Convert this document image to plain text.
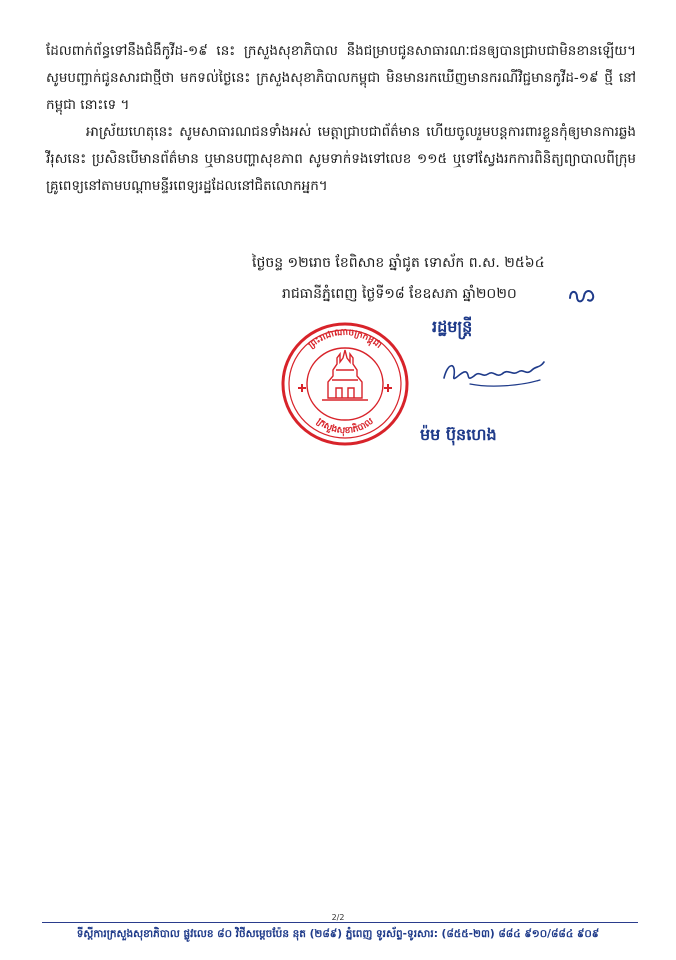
ដែលពាក់ព័ន្ធទៅនឹងជំងឺកូវីដ-១៩ នេះ ក្រសួងសុខាភិបាល នឹងជម្រាបជូនសាធារណៈជនឲ្យបានជ្រាបជាមិនខានឡើយ។ សូមបញ្ជាក់ជូនសារជាថ្មីថា មកទល់ថ្ងៃនេះ ក្រសួងសុខាភិបាលកម្ពុជា មិនមានរកឃើញមានករណីវិជ្ជមានកូវីដ-១៩ ថ្មី នៅកម្ពុជា នោះទេ ។

អាស្រ័យហេតុនេះ សូមសាធារណជនទាំងអស់ មេត្តាជ្រាបជាព័ត៌មាន ហើយចូលរួមបន្តការពារខ្លួនកុំឲ្យមានការឆ្លងវីរុសនេះ ប្រសិនបើមានព័ត៌មាន ឬមានបញ្ហាសុខភាព សូមទាក់ទងទៅលេខ ១១៥ ឬទៅស្វែងរកការពិនិត្យព្យាបាលពីក្រុមគ្រូពេទ្យនៅតាមបណ្តាមន្ទីរពេទ្យរដ្ឋដែលនៅជិតលោកអ្នក។

ថ្ងៃចន្ទ ១២រោច ខែពិសាខ ឆ្នាំជូត ទោស័ក ព.ស. ២៥៦៤
រាជធានីភ្នំពេញ ថ្ងៃទី១៨ ខែឧសភា ឆ្នាំ២០២០
ព្រះរាជាណាចក្រកម្ពុជា
ក្រសួងសុខាភិបាល
រដ្ឋមន្ត្រី
ម៉ម ប៊ុនហេង
2/2
ទីស្តីការក្រសួងសុខាភិបាល ផ្លូវលេខ ៨០ វិថីសម្តេចប៉ែន នុត (២៨៩) ភ្នំពេញ ទូរស័ព្ទ-ទូរសារ: (៨៥៥-២៣) ៨៨៤ ៩១០/៨៨៤ ៩០៩
